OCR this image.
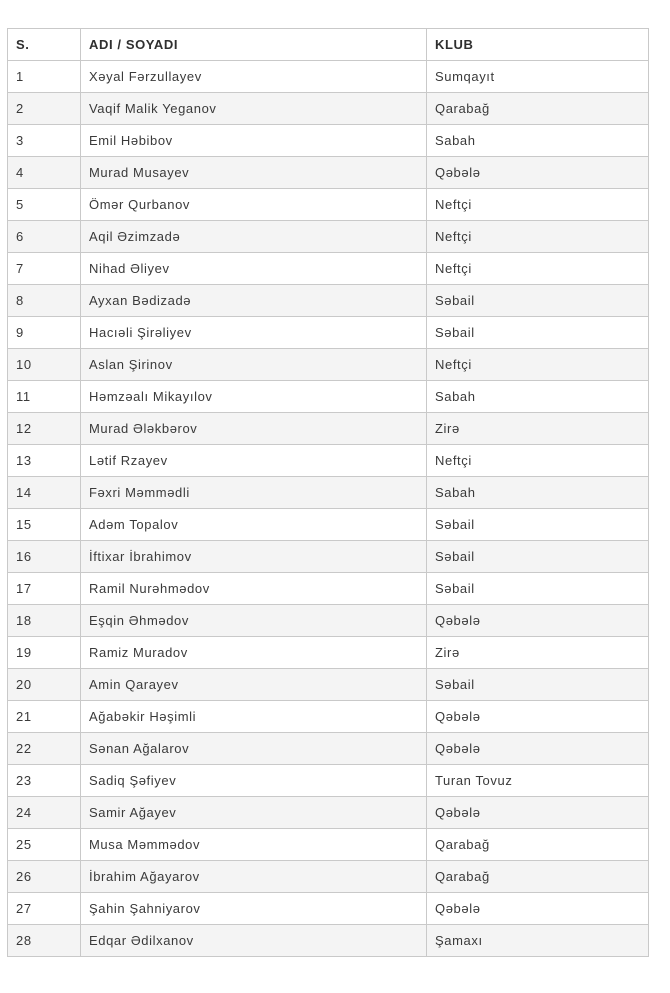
S.	ADI / SOYADI	KLUB
1	Xəyal Fərzullayev	Sumqayıt
2	Vaqif Malik Yeganov	Qarabağ
3	Emil Həbibov	Sabah
4	Murad Musayev	Qəbələ
5	Ömər Qurbanov	Neftçi
6	Aqil Əzimzadə	Neftçi
7	Nihad Əliyev	Neftçi
8	Ayxan Bədizadə	Səbail
9	Hacıəli Şirəliyev	Səbail
10	Aslan Şirinov	Neftçi
11	Həmzəalı Mikayılov	Sabah
12	Murad Ələkbərov	Zirə
13	Lətif Rzayev	Neftçi
14	Fəxri Məmmədli	Sabah
15	Adəm Topalov	Səbail
16	İftixar İbrahimov	Səbail
17	Ramil Nurəhmədov	Səbail
18	Eşqin Əhmədov	Qəbələ
19	Ramiz Muradov	Zirə
20	Amin Qarayev	Səbail
21	Ağabəkir Həşimli	Qəbələ
22	Sənan Ağalarov	Qəbələ
23	Sadiq Şəfiyev	Turan Tovuz
24	Samir Ağayev	Qəbələ
25	Musa Məmmədov	Qarabağ
26	İbrahim Ağayarov	Qarabağ
27	Şahin Şahniyarov	Qəbələ
28	Edqar Ədilxanov	Şamaxı
